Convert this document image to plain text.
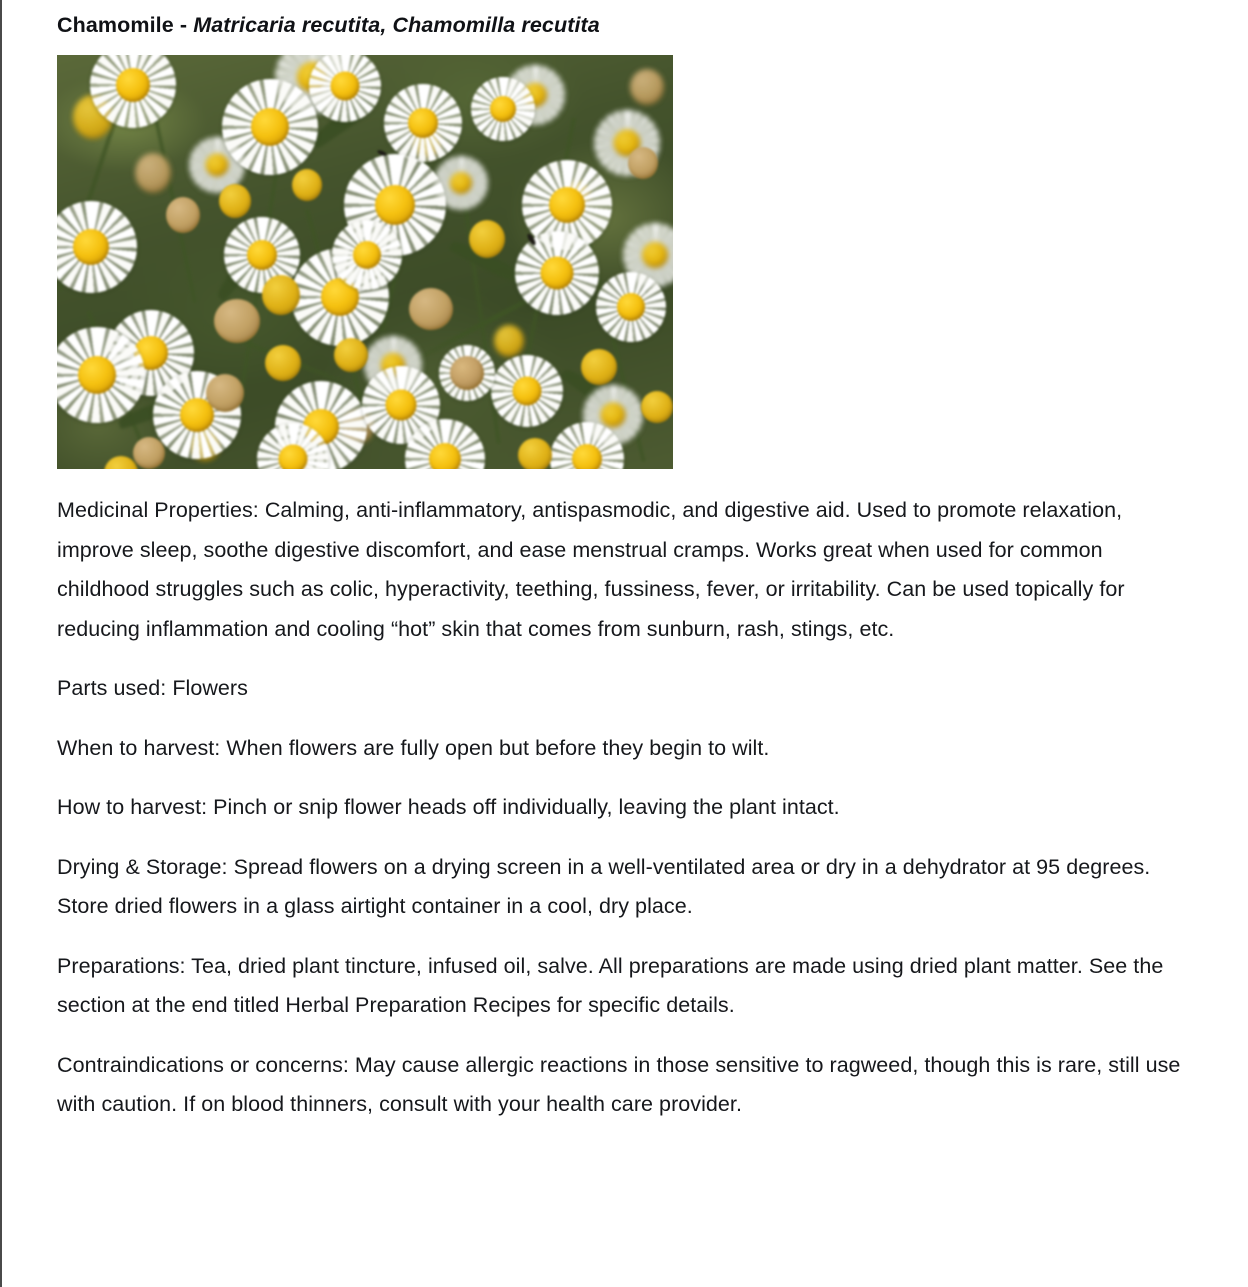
Chamomile - Matricaria recutita, Chamomilla recutita

Medicinal Properties: Calming, anti-inflammatory, antispasmodic, and digestive aid. Used to promote relaxation, improve sleep, soothe digestive discomfort, and ease menstrual cramps. Works great when used for common childhood struggles such as colic, hyperactivity, teething, fussiness, fever, or irritability. Can be used topically for reducing inflammation and cooling “hot” skin that comes from sunburn, rash, stings, etc.

Parts used: Flowers

When to harvest: When flowers are fully open but before they begin to wilt.

How to harvest: Pinch or snip flower heads off individually, leaving the plant intact.

Drying & Storage: Spread flowers on a drying screen in a well-ventilated area or dry in a dehydrator at 95 degrees. Store dried flowers in a glass airtight container in a cool, dry place.

Preparations: Tea, dried plant tincture, infused oil, salve. All preparations are made using dried plant matter. See the section at the end titled Herbal Preparation Recipes for specific details.

Contraindications or concerns: May cause allergic reactions in those sensitive to ragweed, though this is rare, still use with caution. If on blood thinners, consult with your health care provider.
